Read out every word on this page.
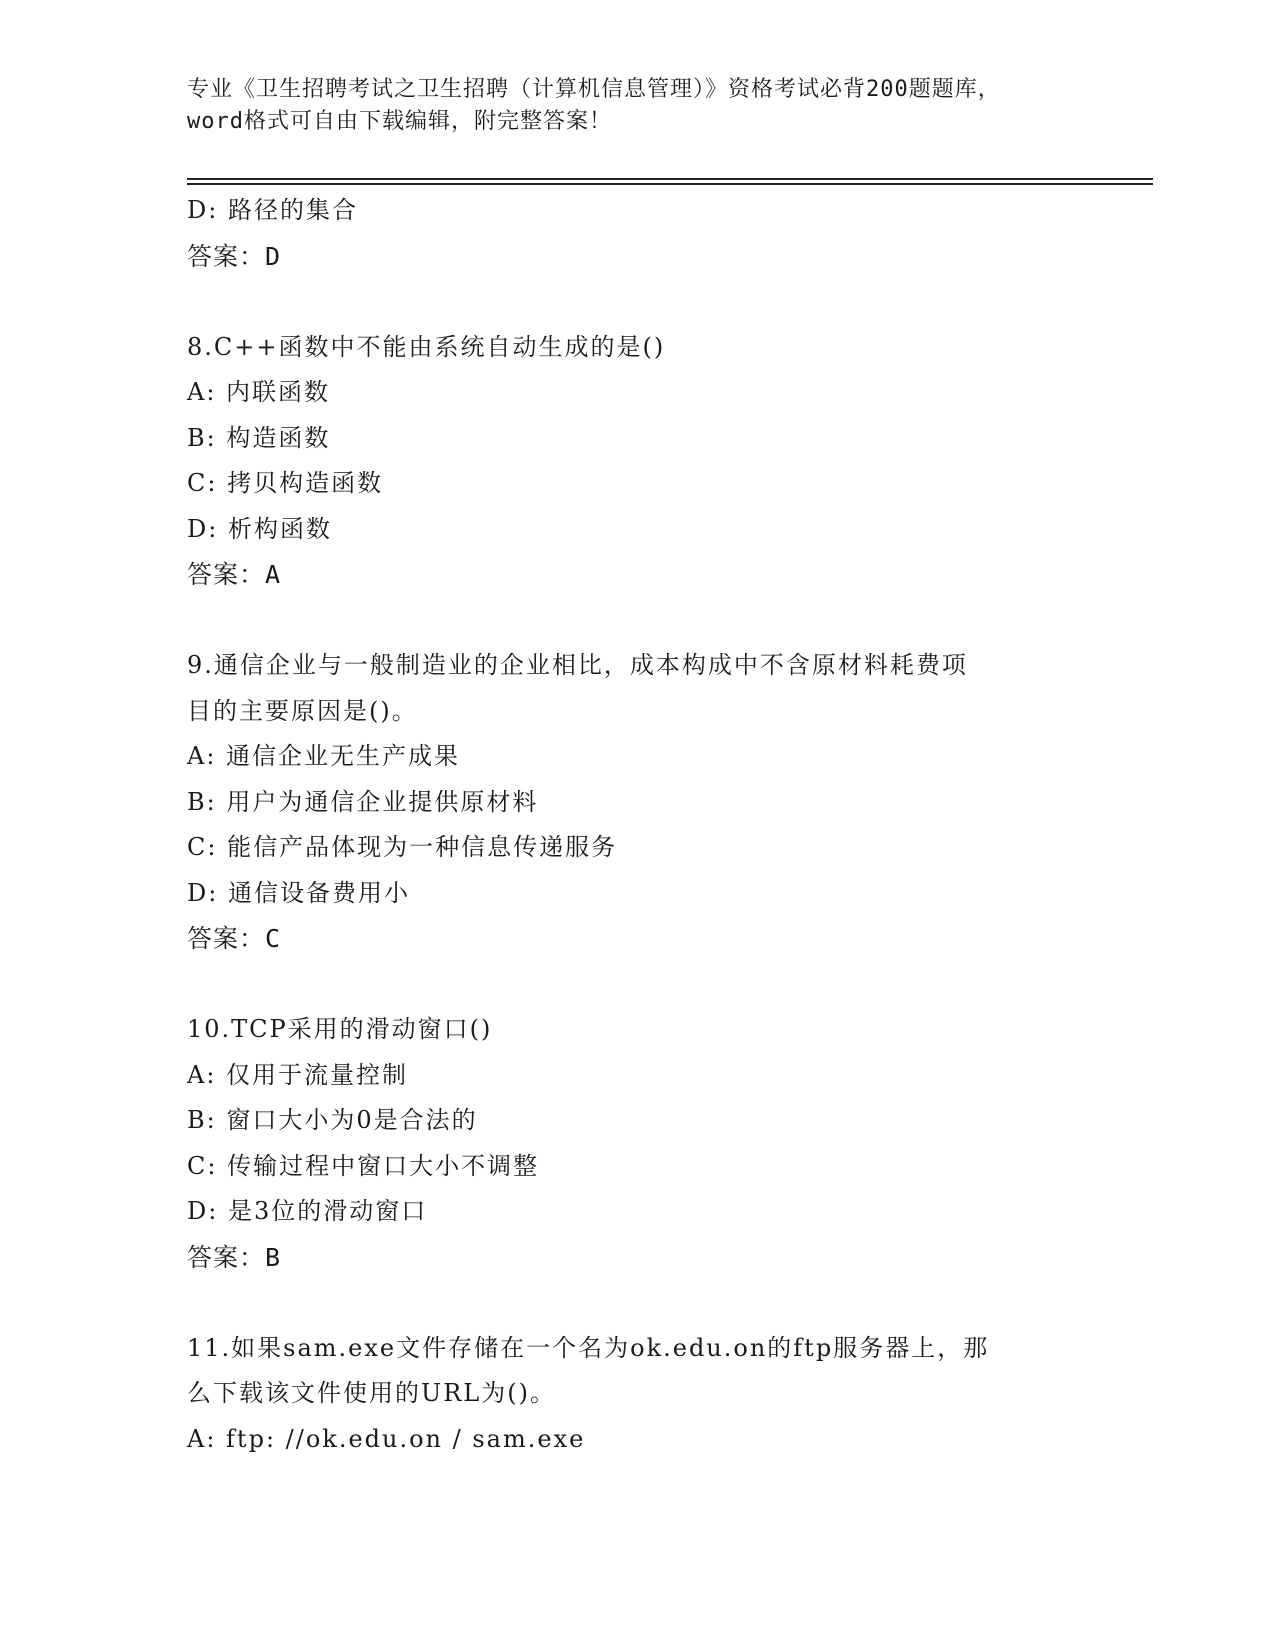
专业《卫生招聘考试之卫生招聘（计算机信息管理）》资格考试必背200题题库，
word格式可自由下载编辑，附完整答案！
D: 路径的集合
答案：D
8.C++函数中不能由系统自动生成的是()
A: 内联函数
B: 构造函数
C: 拷贝构造函数
D: 析构函数
答案：A
9.通信企业与一般制造业的企业相比，成本构成中不含原材料耗费项
目的主要原因是()。
A: 通信企业无生产成果
B: 用户为通信企业提供原材料
C: 能信产品体现为一种信息传递服务
D: 通信设备费用小
答案：C
10.TCP采用的滑动窗口()
A: 仅用于流量控制
B: 窗口大小为0是合法的
C: 传输过程中窗口大小不调整
D: 是3位的滑动窗口
答案：B
11.如果sam.exe文件存储在一个名为ok.edu.on的ftp服务器上，那
么下载该文件使用的URL为()。
A: ftp: //ok.edu.on / sam.exe
